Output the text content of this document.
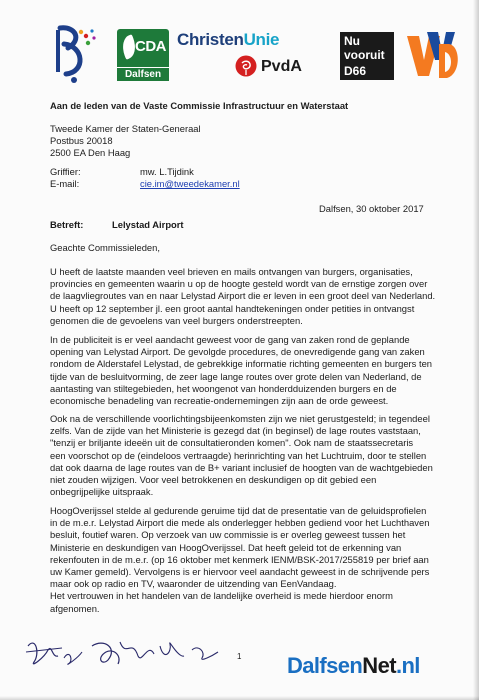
CDA
Dalfsen
ChristenUnie
PvdA
Nu
vooruit
D66
Aan de leden van de Vaste Commissie Infrastructuur en Waterstaat
Tweede Kamer der Staten-Generaal
Postbus 20018
2500 EA Den Haag
Griffier:	mw. L.Tijdink
E-mail:	cie.im@tweedekamer.nl
Dalfsen, 30 oktober 2017
Betreft:	Lelystad Airport
Geachte Commissieleden,
U heeft de laatste maanden veel brieven en mails ontvangen van burgers, organisaties,
provincies en gemeenten waarin u op de hoogte gesteld wordt van de ernstige zorgen over
de laagvliegroutes van en naar Lelystad Airport die er leven in een groot deel van Nederland.
U heeft op 12 september jl. een groot aantal handtekeningen onder petities in ontvangst
genomen die de gevoelens van veel burgers onderstreepten.
In de publiciteit is er veel aandacht geweest voor de gang van zaken rond de geplande
opening van Lelystad Airport. De gevolgde procedures, de onevredigende gang van zaken
rondom de Alderstafel Lelystad, de gebrekkige informatie richting gemeenten en burgers ten
tijde van de besluitvorming, de zeer lage lange routes over grote delen van Nederland, de
aantasting van stiltegebieden, het woongenot van honderdduizenden burgers en de
economische benadeling van recreatie-ondernemingen zijn aan de orde geweest.
Ook na de verschillende voorlichtingsbijeenkomsten zijn we niet gerustgesteld; in tegendeel
zelfs. Van de zijde van het Ministerie is gezegd dat (in beginsel) de lage routes vaststaan,
"tenzij er briljante ideeën uit de consultatieronden komen". Ook nam de staatssecretaris
een voorschot op de (eindeloos vertraagde) herinrichting van het Luchtruim, door te stellen
dat ook daarna de lage routes van de B+ variant inclusief de hoogten van de wachtgebieden
niet zouden wijzigen. Voor veel betrokkenen en deskundigen op dit gebied een
onbegrijpelijke uitspraak.
HoogOverijssel stelde al gedurende geruime tijd dat de presentatie van de geluidsprofielen
in de m.e.r. Lelystad Airport die mede als onderlegger hebben gediend voor het Luchthaven
besluit, foutief waren. Op verzoek van uw commissie is er overleg geweest tussen het
Ministerie en deskundigen van HoogOverijssel. Dat heeft geleid tot de erkenning van
rekenfouten in de m.e.r. (op 16 oktober met kenmerk IENM/BSK-2017/255819 per brief aan
uw Kamer gemeld). Vervolgens is er hiervoor veel aandacht geweest in de schrijvende pers
maar ook op radio en TV, waaronder de uitzending van EenVandaag.
Het vertrouwen in het handelen van de landelijke overheid is mede hierdoor enorm
afgenomen.
1 DalfsenNet.nl
